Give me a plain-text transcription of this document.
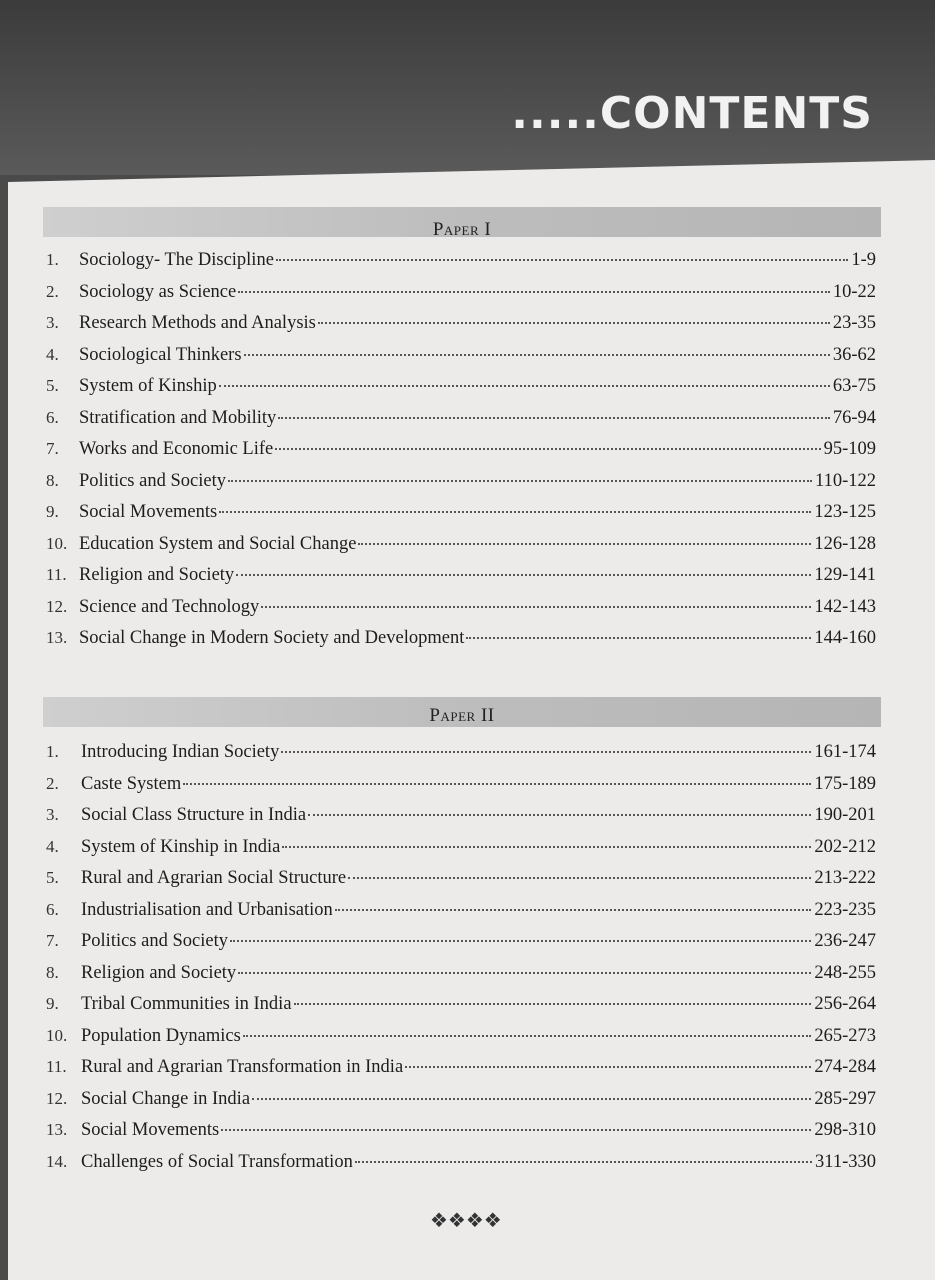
.....CONTENTS
Paper I
1.	Sociology- The Discipline	1-9
2.	Sociology as Science	10-22
3.	Research Methods and Analysis	23-35
4.	Sociological Thinkers	36-62
5.	System of Kinship	63-75
6.	Stratification and Mobility	76-94
7.	Works and Economic Life	95-109
8.	Politics and Society	110-122
9.	Social Movements	123-125
10. Education System and Social Change	126-128
11. Religion and Society	129-141
12. Science and Technology	142-143
13. Social Change in Modern Society and Development	144-160
Paper II
1.	Introducing Indian Society	161-174
2.	Caste System	175-189
3.	Social Class Structure in India	190-201
4.	System of Kinship in India	202-212
5.	Rural and Agrarian Social Structure	213-222
6.	Industrialisation and Urbanisation	223-235
7.	Politics and Society	236-247
8.	Religion and Society	248-255
9.	Tribal Communities in India	256-264
10. Population Dynamics	265-273
11. Rural and Agrarian Transformation in India	274-284
12. Social Change in India	285-297
13. Social Movements	298-310
14. Challenges of Social Transformation	311-330
❖❖❖❖
